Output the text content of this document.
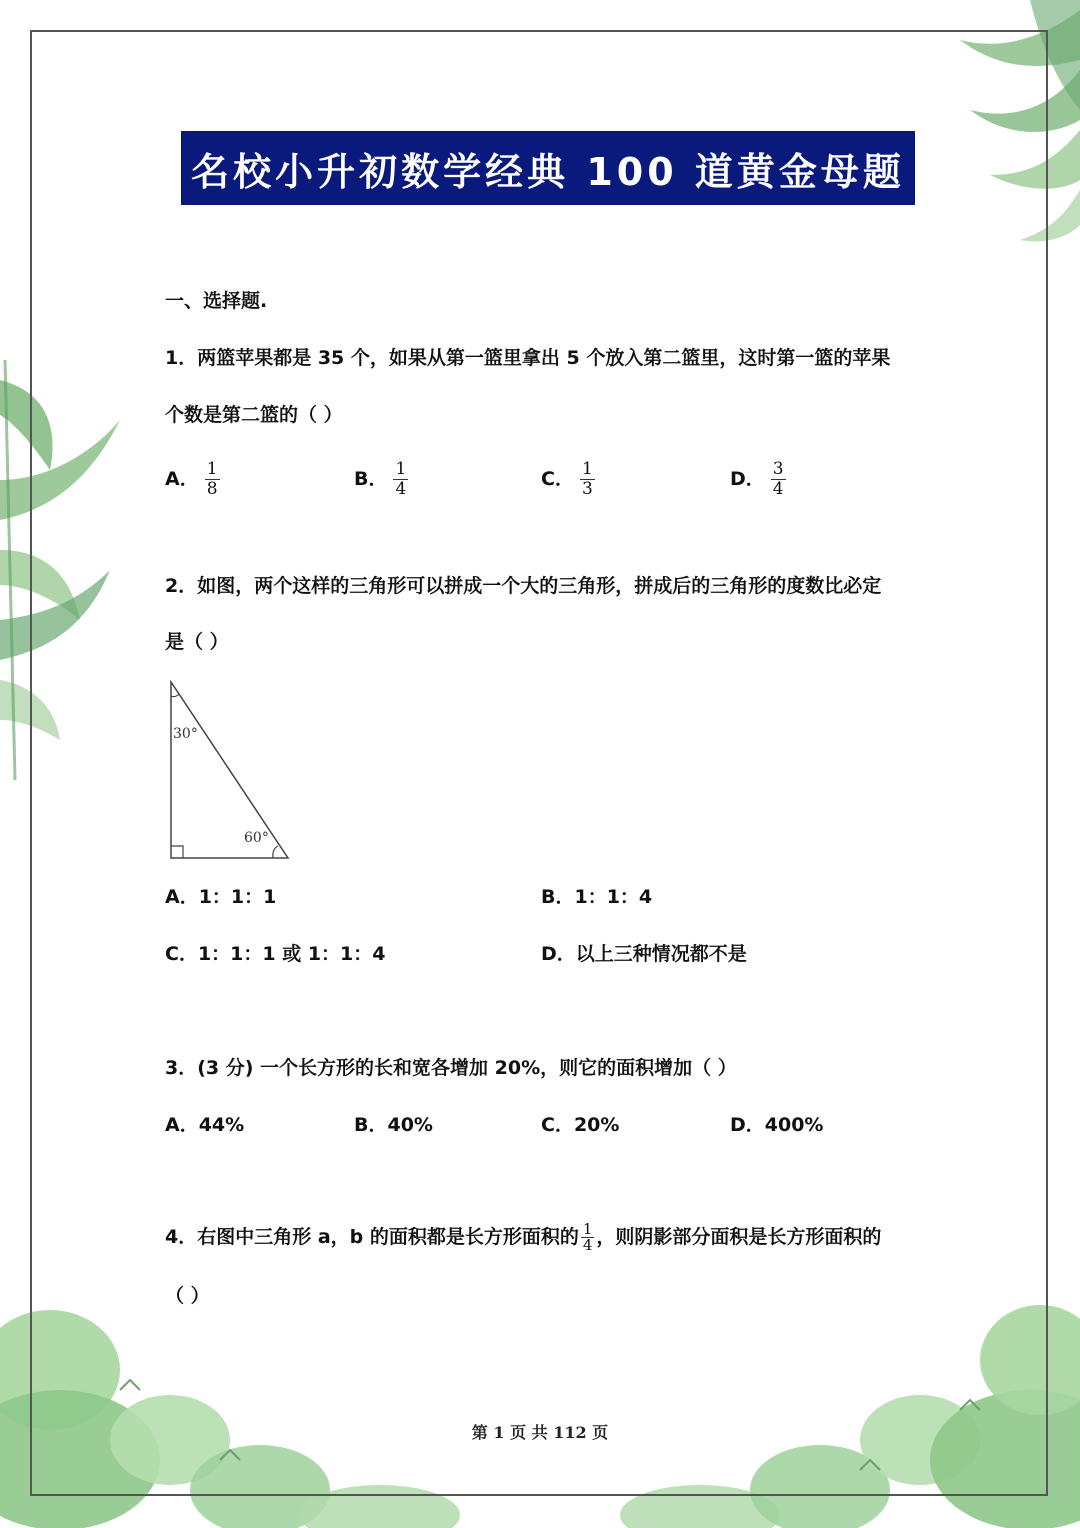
名校小升初数学经典 100 道黄金母题
一、选择题.
1．两篮苹果都是 35 个，如果从第一篮里拿出 5 个放入第二篮里，这时第一篮的苹果
个数是第二篮的（ ）
A． $\frac{1}{8}$	B． $\frac{1}{4}$	C． $\frac{1}{3}$	D． $\frac{3}{4}$
2．如图，两个这样的三角形可以拼成一个大的三角形，拼成后的三角形的度数比必定
是（ ）
30°
60°
A．1：1：1	B．1：1：4
C．1：1：1 或 1：1：4	D．以上三种情况都不是
3．(3 分) 一个长方形的长和宽各增加 20%，则它的面积增加（ ）
A．44%	B．40%	C．20%	D．400%
4．右图中三角形 a，b 的面积都是长方形面积的 $\frac{1}{4}$ ，则阴影部分面积是长方形面积的
（ ）
第 1 页 共 112 页
